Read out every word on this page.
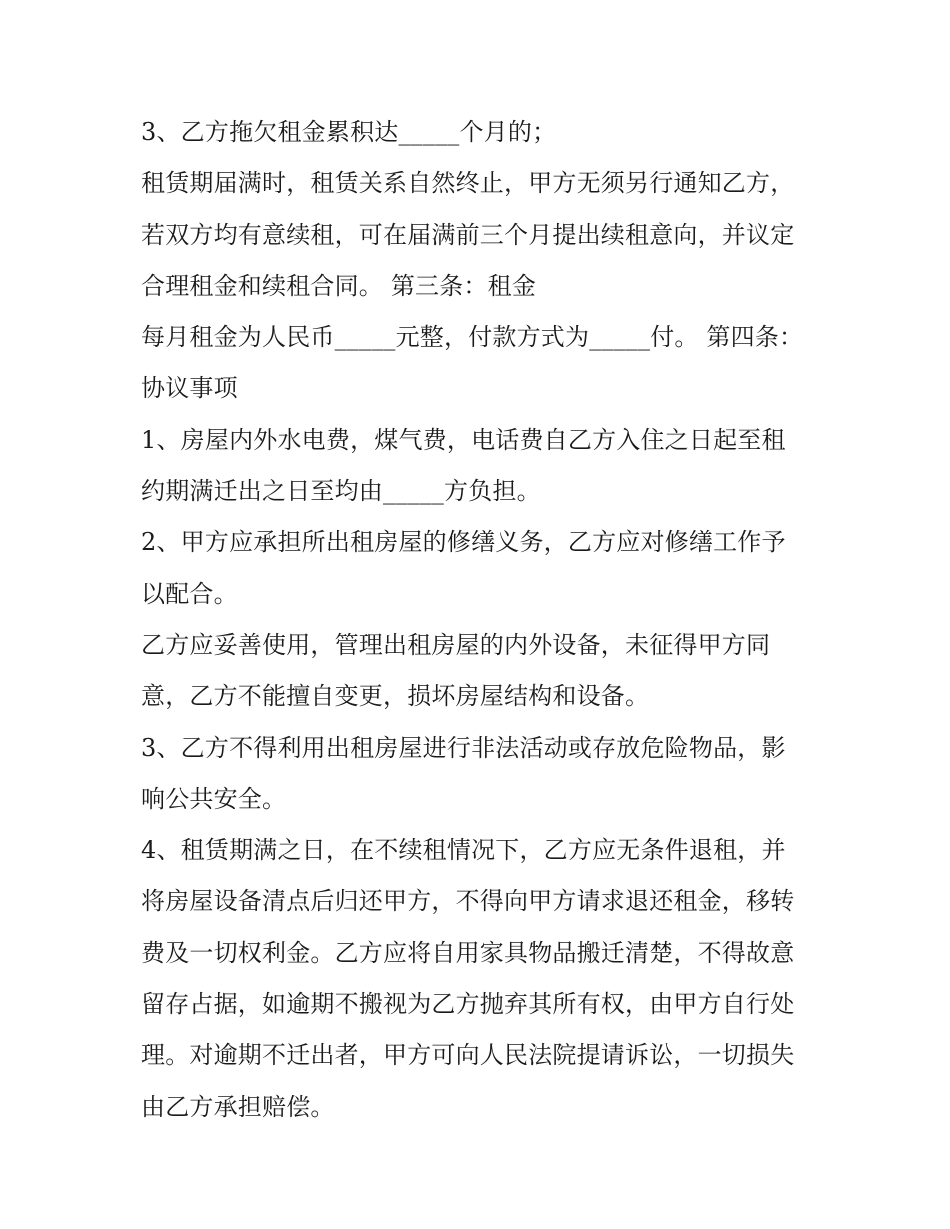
3、乙方拖欠租金累积达_____个月的；
租赁期届满时，租赁关系自然终止，甲方无须另行通知乙方，
若双方均有意续租，可在届满前三个月提出续租意向，并议定
合理租金和续租合同。 第三条：租金
每月租金为人民币_____元整，付款方式为_____付。 第四条：
协议事项
1、房屋内外水电费，煤气费，电话费自乙方入住之日起至租
约期满迁出之日至均由_____方负担。
2、甲方应承担所出租房屋的修缮义务，乙方应对修缮工作予
以配合。
乙方应妥善使用，管理出租房屋的内外设备，未征得甲方同
意，乙方不能擅自变更，损坏房屋结构和设备。
3、乙方不得利用出租房屋进行非法活动或存放危险物品，影
响公共安全。
4、租赁期满之日，在不续租情况下，乙方应无条件退租，并
将房屋设备清点后归还甲方，不得向甲方请求退还租金，移转
费及一切权利金。乙方应将自用家具物品搬迁清楚，不得故意
留存占据，如逾期不搬视为乙方抛弃其所有权，由甲方自行处
理。对逾期不迁出者，甲方可向人民法院提请诉讼，一切损失
由乙方承担赔偿。
